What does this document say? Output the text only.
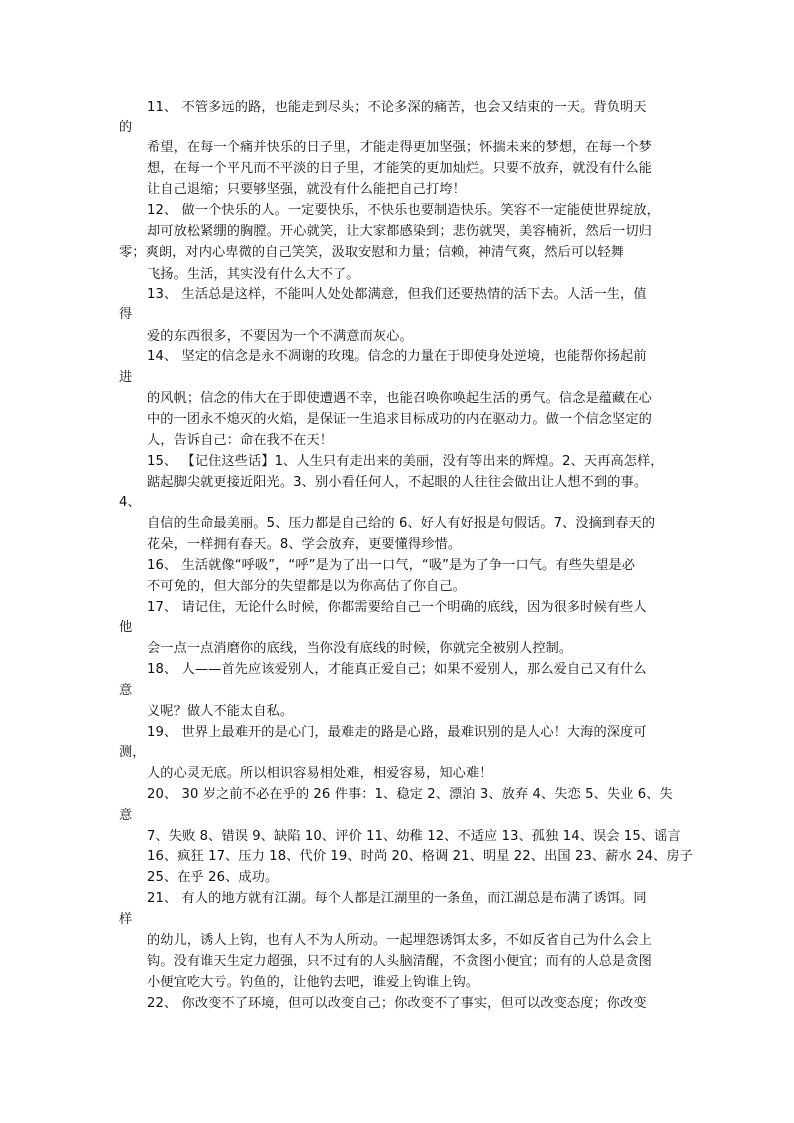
11、 不管多远的路，也能走到尽头；不论多深的痛苦，也会又结束的一天。背负明天
的
希望，在每一个痛并快乐的日子里，才能走得更加坚强；怀揣未来的梦想，在每一个梦
想，在每一个平凡而不平淡的日子里，才能笑的更加灿烂。只要不放弃，就没有什么能
让自己退缩；只要够坚强，就没有什么能把自己打垮！
12、 做一个快乐的人。一定要快乐，不快乐也要制造快乐。笑容不一定能使世界绽放，
却可放松紧绷的胸膛。开心就笑，让大家都感染到；悲伤就哭，美容楠祈，然后一切归
零；爽朗，对内心卑微的自己笑笑，汲取安慰和力量；信赖，神清气爽，然后可以轻舞
飞扬。生活，其实没有什么大不了。
13、 生活总是这样，不能叫人处处都满意，但我们还要热情的活下去。人活一生，值
得
爱的东西很多，不要因为一个不满意而灰心。
14、 坚定的信念是永不凋谢的玫瑰。信念的力量在于即使身处逆境，也能帮你扬起前
进
的风帆；信念的伟大在于即使遭遇不幸，也能召唤你唤起生活的勇气。信念是蕴藏在心
中的一团永不熄灭的火焰，是保证一生追求目标成功的内在驱动力。做一个信念坚定的
人，告诉自己：命在我不在天！
15、 【记住这些话】1、人生只有走出来的美丽，没有等出来的辉煌。2、天再高怎样，
踮起脚尖就更接近阳光。3、别小看任何人，不起眼的人往往会做出让人想不到的事。
4、
自信的生命最美丽。5、压力都是自己给的 6、好人有好报是句假话。7、没摘到春天的
花朵，一样拥有春天。8、学会放弃，更要懂得珍惜。
16、 生活就像“呼吸”，“呼”是为了出一口气，“吸”是为了争一口气。有些失望是必
不可免的，但大部分的失望都是以为你高估了你自己。
17、 请记住，无论什么时候，你都需要给自己一个明确的底线，因为很多时候有些人
他
会一点一点消磨你的底线，当你没有底线的时候，你就完全被别人控制。
18、 人——首先应该爱别人，才能真正爱自己；如果不爱别人，那么爱自己又有什么
意
义呢？做人不能太自私。
19、 世界上最难开的是心门，最难走的路是心路，最难识别的是人心！大海的深度可
测，
人的心灵无底。所以相识容易相处难，相爱容易，知心难！
20、 30 岁之前不必在乎的 26 件事：1、稳定 2、漂泊 3、放弃 4、失恋 5、失业 6、失
意
7、失败 8、错误 9、缺陷 10、评价 11、幼稚 12、不适应 13、孤独 14、误会 15、谣言
16、疯狂 17、压力 18、代价 19、时尚 20、格调 21、明星 22、出国 23、薪水 24、房子
25、在乎 26、成功。
21、 有人的地方就有江湖。每个人都是江湖里的一条鱼，而江湖总是布满了诱饵。同
样
的幼儿，诱人上钩，也有人不为人所动。一起埋怨诱饵太多，不如反省自己为什么会上
钩。没有谁天生定力超强，只不过有的人头脑清醒，不贪图小便宜；而有的人总是贪图
小便宜吃大亏。钓鱼的，让他钓去吧，谁爱上钩谁上钩。
22、 你改变不了环境，但可以改变自己；你改变不了事实，但可以改变态度；你改变
